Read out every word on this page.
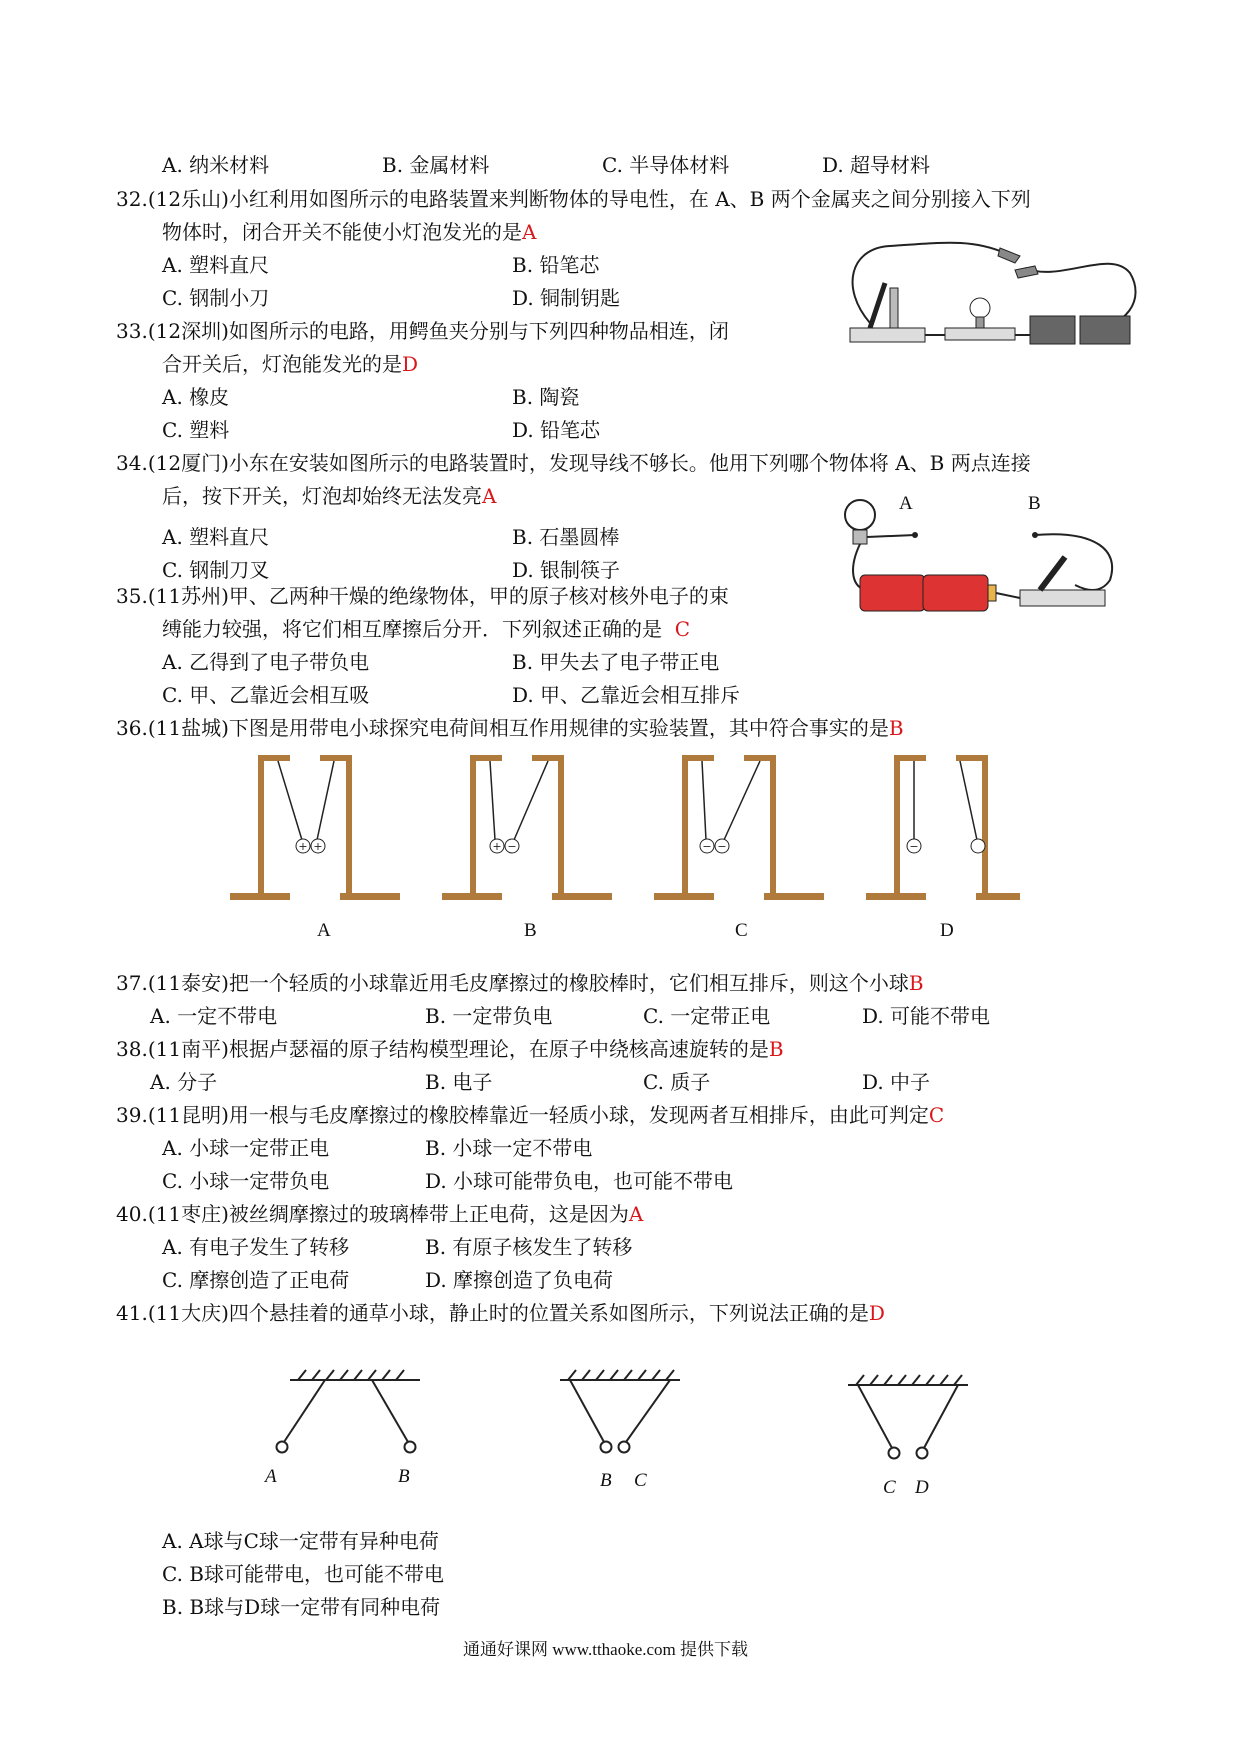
A. 纳米材料	B. 金属材料	C. 半导体材料	D. 超导材料
32.(12乐山)小红利用如图所示的电路装置来判断物体的导电性，在 A、B 两个金属夹之间分别接入下列
物体时，闭合开关不能使小灯泡发光的是A
A. 塑料直尺	B. 铅笔芯
C. 钢制小刀	D. 铜制钥匙
33.(12深圳)如图所示的电路，用鳄鱼夹分别与下列四种物品相连，闭
合开关后，灯泡能发光的是D
A. 橡皮	B. 陶瓷
C. 塑料	D. 铅笔芯
34.(12厦门)小东在安装如图所示的电路装置时，发现导线不够长。他用下列哪个物体将 A、B 两点连接
后，按下开关，灯泡却始终无法发亮A
A. 塑料直尺	B. 石墨圆棒
C. 钢制刀叉	D. 银制筷子
A	B
35.(11苏州)甲、乙两种干燥的绝缘物体，甲的原子核对核外电子的束
缚能力较强，将它们相互摩擦后分开．下列叙述正确的是 C
A. 乙得到了电子带负电	B. 甲失去了电子带正电
C. 甲、乙靠近会相互吸	D. 甲、乙靠近会相互排斥
36.(11盐城)下图是用带电小球探究电荷间相互作用规律的实验装置，其中符合事实的是B
+ +	+ −	− −	−
A	B	C	D
37.(11泰安)把一个轻质的小球靠近用毛皮摩擦过的橡胶棒时，它们相互排斥，则这个小球B
A. 一定不带电	B. 一定带负电	C. 一定带正电	D. 可能不带电
38.(11南平)根据卢瑟福的原子结构模型理论，在原子中绕核高速旋转的是B
A. 分子	B. 电子	C. 质子	D. 中子
39.(11昆明)用一根与毛皮摩擦过的橡胶棒靠近一轻质小球，发现两者互相排斥，由此可判定C
A. 小球一定带正电	B. 小球一定不带电
C. 小球一定带负电	D. 小球可能带负电，也可能不带电
40.(11枣庄)被丝绸摩擦过的玻璃棒带上正电荷，这是因为A
A. 有电子发生了转移	B. 有原子核发生了转移
C. 摩擦创造了正电荷	D. 摩擦创造了负电荷
41.(11大庆)四个悬挂着的通草小球，静止时的位置关系如图所示，下列说法正确的是D
A	B	B C	C D
A. A球与C球一定带有异种电荷
C. B球可能带电，也可能不带电
B. B球与D球一定带有同种电荷
通通好课网 www.tthaoke.com 提供下载
